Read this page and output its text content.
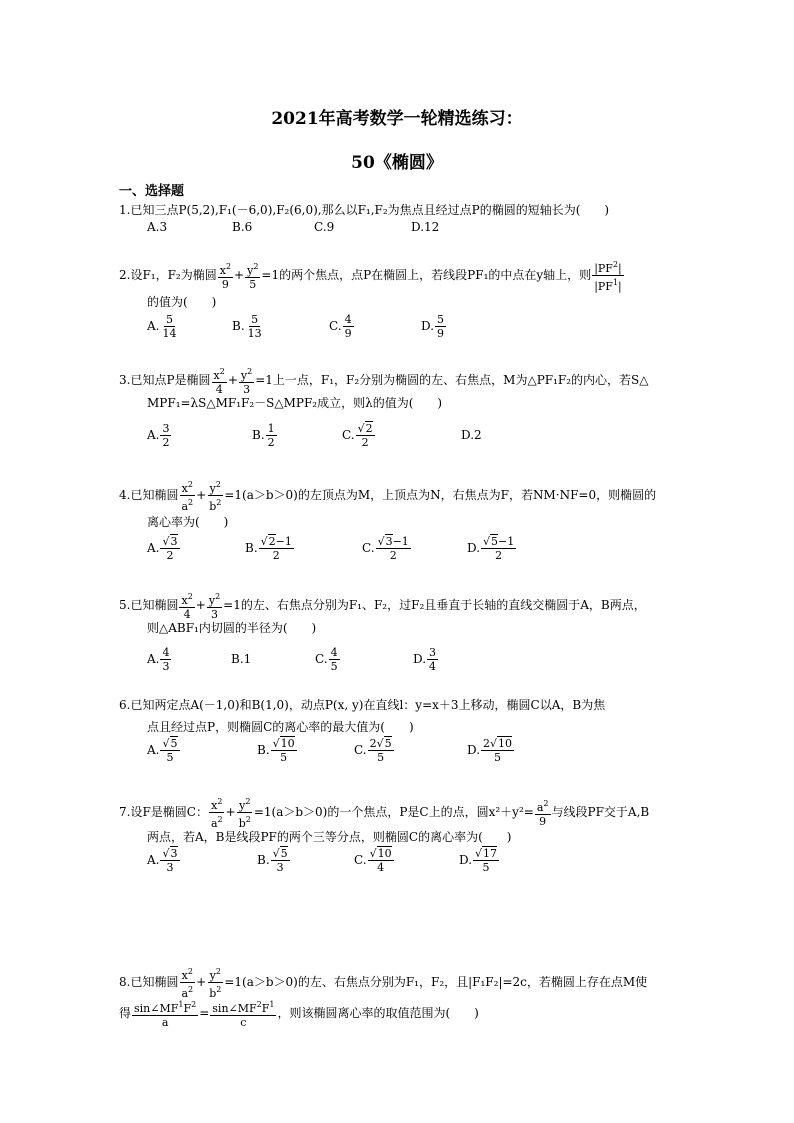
2021年高考数学一轮精选练习：
50《椭圆》
一、选择题
1.已知三点P(5,2),F₁(－6,0),F₂(6,0),那么以F₁,F₂为焦点且经过点P的椭圆的短轴长为(　　)
A.3	B.6	C.9	D.12
2.设F₁，F₂为椭圆 $\frac{x^2}{9} + \frac{y^2}{5} =1$的两个焦点，点P在椭圆上，若线段PF₁的中点在y轴上，则 $\frac{|PF^2|}{|PF^1|}$
的值为(　　)
A. $\frac{5}{14}$	B. $\frac{5}{13}$	C. $\frac{4}{9}$	D. $\frac{5}{9}$
3.已知点P是椭圆 $\frac{x^2}{4} + \frac{y^2}{3} =1$上一点，F₁，F₂分别为椭圆的左、右焦点，M为△PF₁F₂的内心，若S△
MPF₁=λS△MF₁F₂－S△MPF₂成立，则λ的值为(　　)
A. $\frac{3}{2}$	B. $\frac{1}{2}$	C. √ $\frac{2}{2}$	D.2
4.已知椭圆 $\frac{x^2}{a^2} + \frac{y^2}{b^2} =1(a>b>0)$的左顶点为M，上顶点为N，右焦点为F，若NM·NF=0，则椭圆的
离心率为(　　)
A. √ $\frac{3}{2}$	B. √ $\frac{2-1}{2}$	C. √ $\frac{3-1}{2}$	D. √ $\frac{5-1}{2}$
5.已知椭圆 $\frac{x^2}{4} + \frac{y^2}{3} =1$的左、右焦点分别为F₁、F₂，过F₂且垂直于长轴的直线交椭圆于A，B两点，
则△ABF₁内切圆的半径为(　　)
A. $\frac{4}{3}$	B.1	C. $\frac{4}{5}$	D. $\frac{3}{4}$
6.已知两定点A(－1,0)和B(1,0)，动点P(x, y)在直线l：y=x＋3上移动，椭圆C以A，B为焦
点且经过点P，则椭圆C的离心率的最大值为(　　)
A. √ $\frac{5}{5}$	B. √ $\frac{10}{5}$	C. $\frac{2 √ 5}{5}$	D. $\frac{2 √ 10}{5}$
7.设F是椭圆C： $\frac{x^2}{a^2} + \frac{y^2}{b^2} =1(a>b>0)$的一个焦点，P是C上的点，圆$x^2+y^2= \frac{a^2}{9}$ 与线段PF交于A,B
两点，若A，B是线段PF的两个三等分点，则椭圆C的离心率为(　　)
A. √ $\frac{3}{3}$	B. √ $\frac{5}{3}$	C. √ $\frac{10}{4}$	D. √ $\frac{17}{5}$
8.已知椭圆 $\frac{x^2}{a^2} + \frac{y^2}{b^2} =1(a>b>0)$的左、右焦点分别为F₁，F₂，且|F₁F₂|=2c，若椭圆上存在点M使
得 $\frac{\sin\angle MF^1F^2}{a} = \frac{\sin\angle MF^2F^1}{c}$ ，则该椭圆离心率的取值范围为(　　)
